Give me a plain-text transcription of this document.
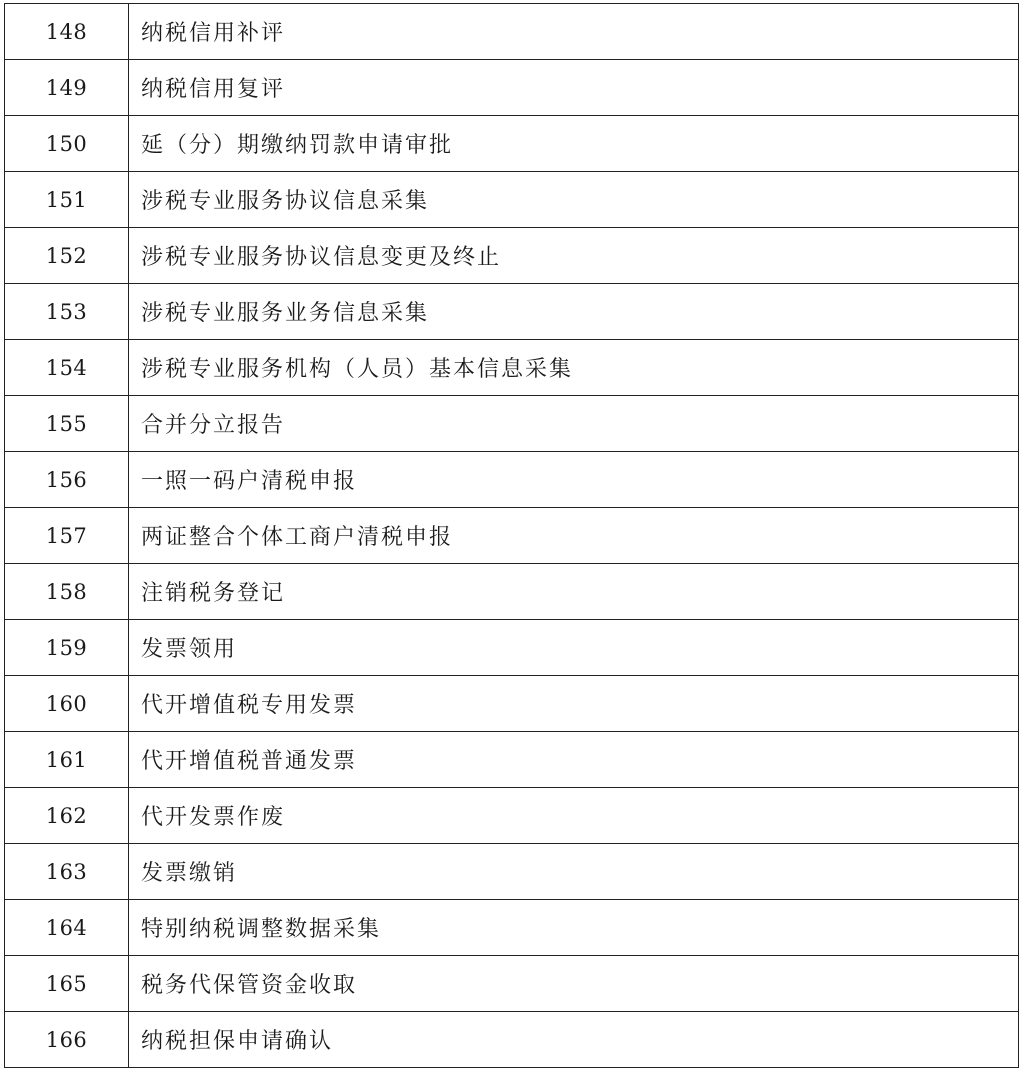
148	纳税信用补评
149	纳税信用复评
150	延（分）期缴纳罚款申请审批
151	涉税专业服务协议信息采集
152	涉税专业服务协议信息变更及终止
153	涉税专业服务业务信息采集
154	涉税专业服务机构（人员）基本信息采集
155	合并分立报告
156	一照一码户清税申报
157	两证整合个体工商户清税申报
158	注销税务登记
159	发票领用
160	代开增值税专用发票
161	代开增值税普通发票
162	代开发票作废
163	发票缴销
164	特别纳税调整数据采集
165	税务代保管资金收取
166	纳税担保申请确认
